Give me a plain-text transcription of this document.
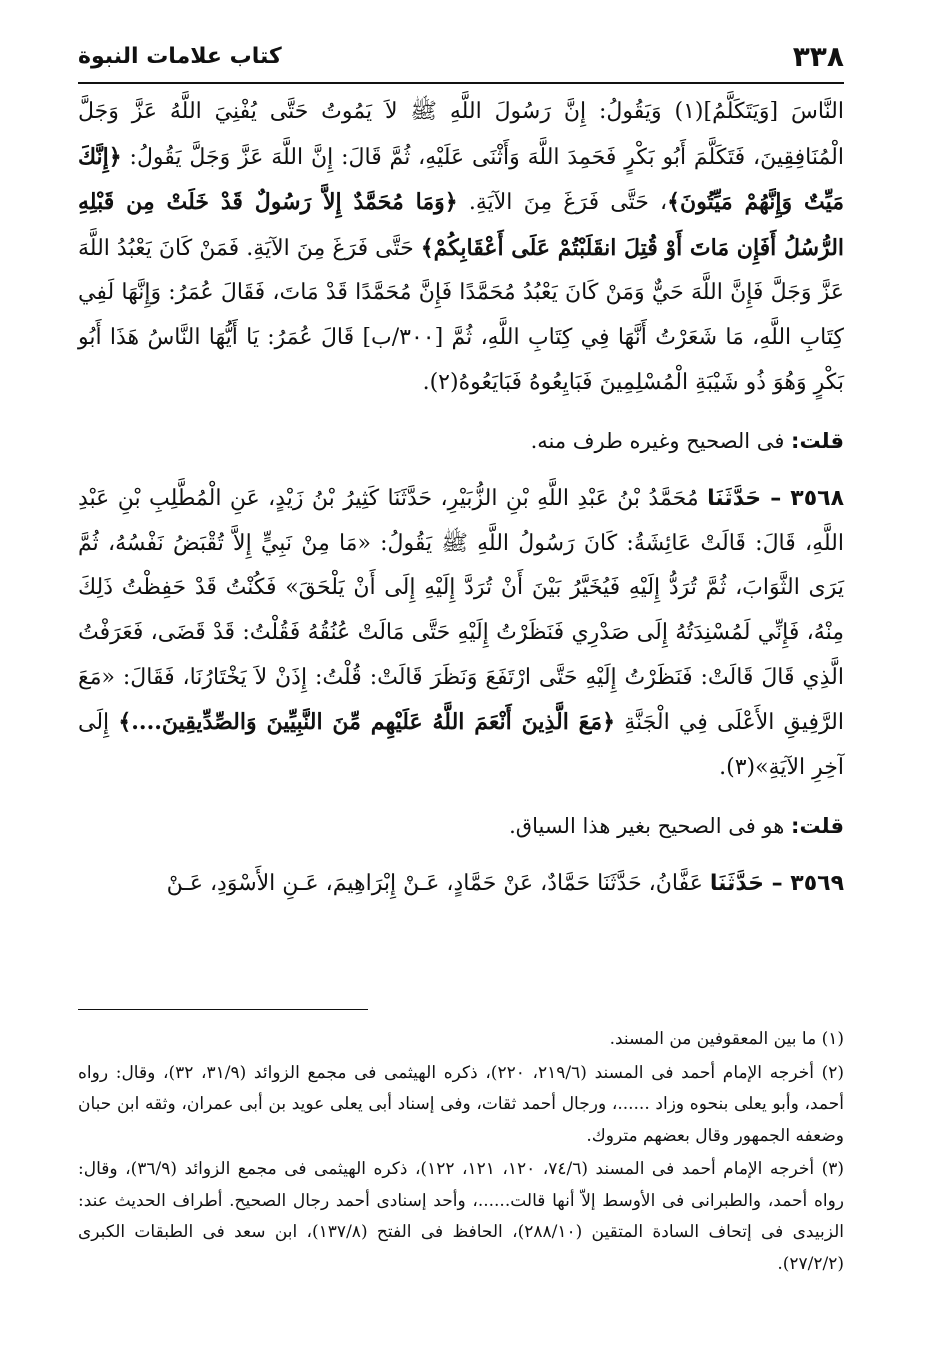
٣٣٨
كتاب علامات النبوة

النَّاسَ [وَيَتَكَلَّمُ](١) وَيَقُولُ: إِنَّ رَسُولَ اللَّهِ ﷺ لاَ يَمُوتُ حَتَّى يُفْنِيَ اللَّهُ عَزَّ وَجَلَّ الْمُنَافِقِينَ، فَتَكَلَّمَ أَبُو بَكْرٍ فَحَمِدَ اللَّهَ وَأَثْنَى عَلَيْهِ، ثُمَّ قَالَ: إِنَّ اللَّهَ عَزَّ وَجَلَّ يَقُولُ: ﴿إِنَّكَ مَيِّتٌ وَإِنَّهُمْ مَيِّتُونَ﴾، حَتَّى فَرَغَ مِنَ الآيَةِ. ﴿وَمَا مُحَمَّدٌ إِلاَّ رَسُولٌ قَدْ خَلَتْ مِن قَبْلِهِ الرُّسُلُ أَفَإِن مَاتَ أَوْ قُتِلَ انقَلَبْتُمْ عَلَى أَعْقَابِكُمْ﴾ حَتَّى فَرَغَ مِنَ الآيَةِ. فَمَنْ كَانَ يَعْبُدُ اللَّهَ عَزَّ وَجَلَّ فَإِنَّ اللَّهَ حَيٌّ وَمَنْ كَانَ يَعْبُدُ مُحَمَّدًا فَإِنَّ مُحَمَّدًا قَدْ مَاتَ، فَقَالَ عُمَرُ: وَإِنَّهَا لَفِي كِتَابِ اللَّهِ، مَا شَعَرْتُ أَنَّهَا فِي كِتَابِ اللَّهِ، ثُمَّ [٣٠٠/ب] قَالَ عُمَرُ: يَا أَيُّهَا النَّاسُ هَذَا أَبُو بَكْرٍ وَهُوَ ذُو شَيْبَةِ الْمُسْلِمِينَ فَبَايِعُوهُ فَبَايَعُوهُ(٢).

قلت: فى الصحيح وغيره طرف منه.

٣٥٦٨ – حَدَّثَنَا مُحَمَّدُ بْنُ عَبْدِ اللَّهِ بْنِ الزُّبَيْرِ، حَدَّثَنَا كَثِيرُ بْنُ زَيْدٍ، عَنِ الْمُطَّلِبِ بْنِ عَبْدِ اللَّهِ، قَالَ: قَالَتْ عَائِشَةُ: كَانَ رَسُولُ اللَّهِ ﷺ يَقُولُ: «مَا مِنْ نَبِيٍّ إِلاَّ تُقْبَضُ نَفْسُهُ، ثُمَّ يَرَى الثَّوَابَ، ثُمَّ تُرَدُّ إِلَيْهِ فَيُخَيَّرُ بَيْنَ أَنْ تُرَدَّ إِلَيْهِ إِلَى أَنْ يَلْحَقَ» فَكُنْتُ قَدْ حَفِظْتُ ذَلِكَ مِنْهُ، فَإِنِّي لَمُسْنِدَتُهُ إِلَى صَدْرِي فَنَظَرْتُ إِلَيْهِ حَتَّى مَالَتْ عُنُقُهُ فَقُلْتُ: قَدْ قَضَى، فَعَرَفْتُ الَّذِي قَالَ قَالَتْ: فَنَظَرْتُ إِلَيْهِ حَتَّى ارْتَفَعَ وَنَظَرَ قَالَتْ: قُلْتُ: إِذَنْ لاَ يَخْتَارُنَا، فَقَالَ: «مَعَ الرَّفِيقِ الأَعْلَى فِي الْجَنَّةِ ﴿مَعَ الَّذِينَ أَنْعَمَ اللَّهُ عَلَيْهِم مِّنَ النَّبِيِّينَ وَالصِّدِّيقِينَ....﴾ إِلَى آخِرِ الآيَةِ»(٣).

قلت: هو فى الصحيح بغير هذا السياق.

٣٥٦٩ – حَدَّثَنَا عَفَّانُ، حَدَّثَنَا حَمَّادٌ، عَنْ حَمَّادٍ، عَـنْ إِبْرَاهِيمَ، عَـنِ الأَسْوَدِ، عَـنْ

(١) ما بين المعقوفين من المسند.

(٢) أخرجه الإمام أحمد فى المسند (٢١٩/٦، ٢٢٠)، ذكره الهيثمى فى مجمع الزوائد (٣١/٩، ٣٢)، وقال: رواه أحمد، وأبو يعلى بنحوه وزاد ......، ورجال أحمد ثقات، وفى إسناد أبى يعلى عويد بن أبى عمران، وثقه ابن حبان وضعفه الجمهور وقال بعضهم متروك.

(٣) أخرجه الإمام أحمد فى المسند (٧٤/٦، ١٢٠، ١٢١، ١٢٢)، ذكره الهيثمى فى مجمع الزوائد (٣٦/٩)، وقال: رواه أحمد، والطبرانى فى الأوسط إلاّ أنها قالت......، وأحد إسنادى أحمد رجال الصحيح. أطراف الحديث عند: الزبيدى فى إتحاف السادة المتقين (٢٨٨/١٠)، الحافظ فى الفتح (١٣٧/٨)، ابن سعد فى الطبقات الكبرى (٢٧/٢/٢).
